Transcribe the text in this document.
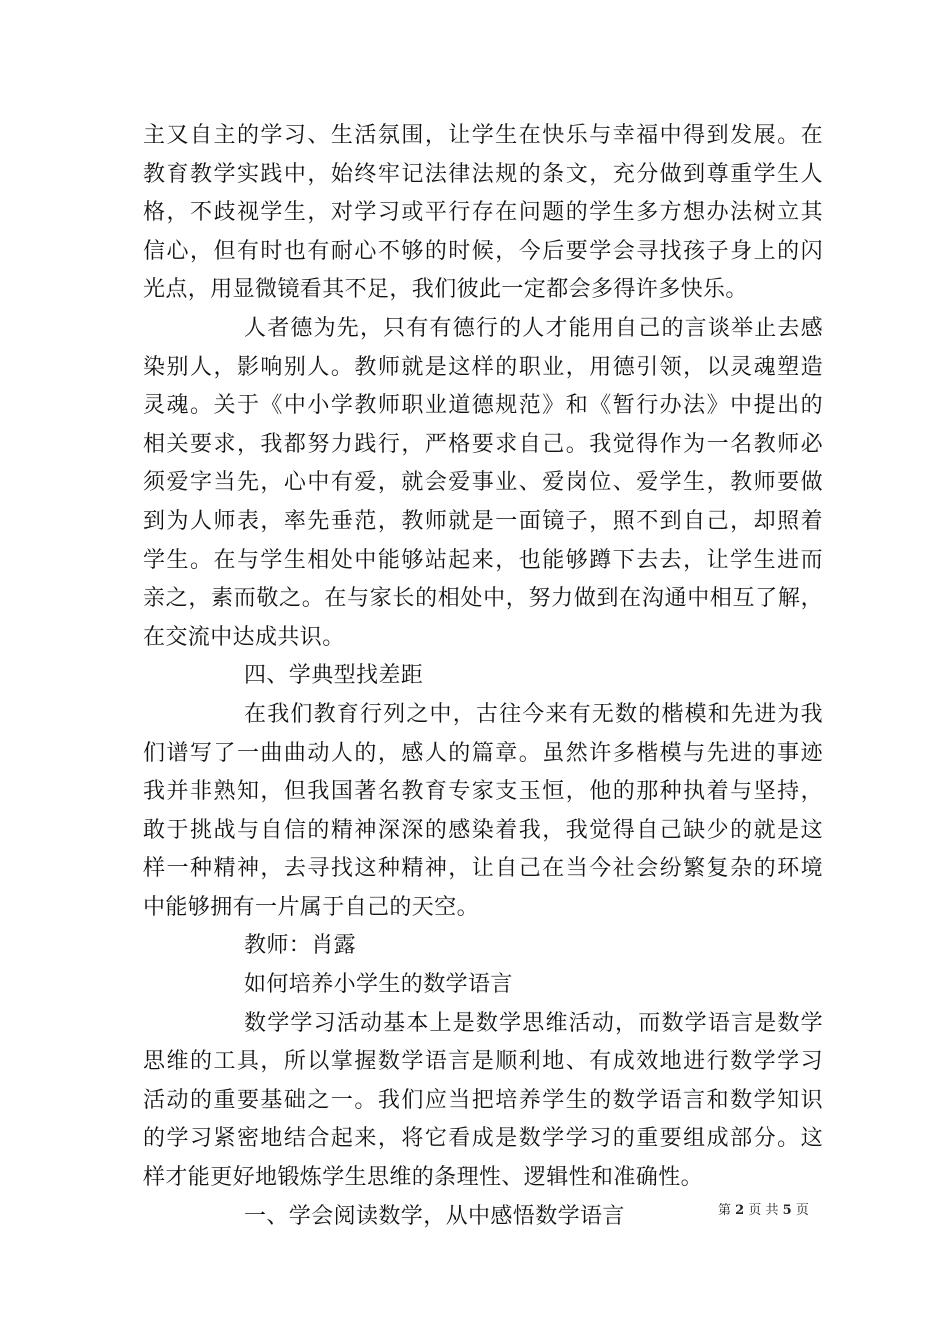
主又自主的学习、生活氛围，让学生在快乐与幸福中得到发展。在
教育教学实践中，始终牢记法律法规的条文，充分做到尊重学生人
格，不歧视学生，对学习或平行存在问题的学生多方想办法树立其
信心，但有时也有耐心不够的时候，今后要学会寻找孩子身上的闪
光点，用显微镜看其不足，我们彼此一定都会多得许多快乐。
人者德为先，只有有德行的人才能用自己的言谈举止去感
染别人，影响别人。教师就是这样的职业，用德引领，以灵魂塑造
灵魂。关于《中小学教师职业道德规范》和《暂行办法》中提出的
相关要求，我都努力践行，严格要求自己。我觉得作为一名教师必
须爱字当先，心中有爱，就会爱事业、爱岗位、爱学生，教师要做
到为人师表，率先垂范，教师就是一面镜子，照不到自己，却照着
学生。在与学生相处中能够站起来，也能够蹲下去去，让学生进而
亲之，素而敬之。在与家长的相处中，努力做到在沟通中相互了解，
在交流中达成共识。
四、学典型找差距
在我们教育行列之中，古往今来有无数的楷模和先进为我
们谱写了一曲曲动人的，感人的篇章。虽然许多楷模与先进的事迹
我并非熟知，但我国著名教育专家支玉恒，他的那种执着与坚持，
敢于挑战与自信的精神深深的感染着我，我觉得自己缺少的就是这
样一种精神，去寻找这种精神，让自己在当今社会纷繁复杂的环境
中能够拥有一片属于自己的天空。
教师：肖露
如何培养小学生的数学语言
数学学习活动基本上是数学思维活动，而数学语言是数学
思维的工具，所以掌握数学语言是顺利地、有成效地进行数学学习
活动的重要基础之一。我们应当把培养学生的数学语言和数学知识
的学习紧密地结合起来，将它看成是数学学习的重要组成部分。这
样才能更好地锻炼学生思维的条理性、逻辑性和准确性。
一、学会阅读数学，从中感悟数学语言	第 2 页 共 5 页
